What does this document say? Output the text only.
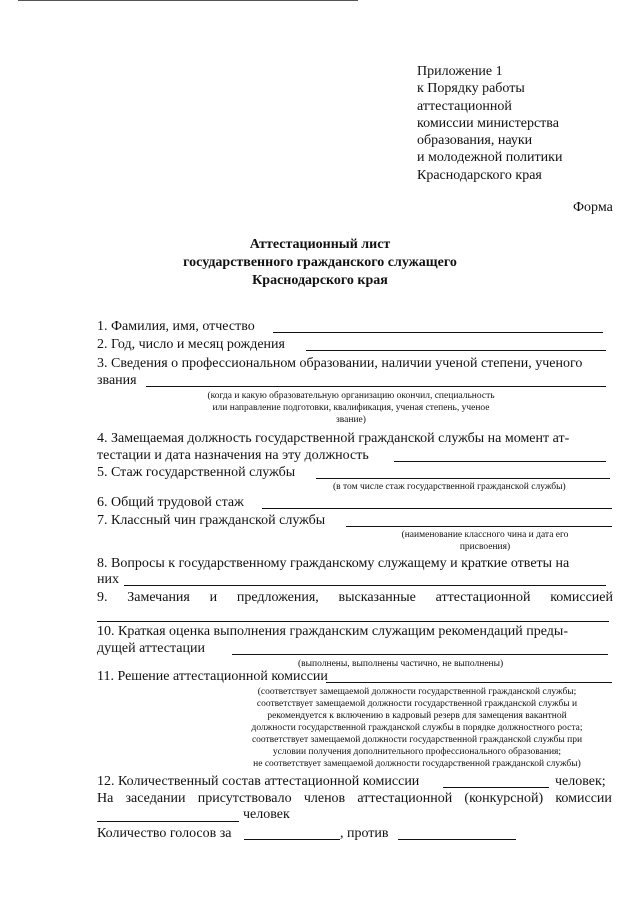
Приложение 1
к Порядку работы
аттестационной
комиссии министерства
образования, науки
и молодежной политики
Краснодарского края
Форма
Аттестационный лист
государственного гражданского служащего
Краснодарского края
1. Фамилия, имя, отчество
2. Год, число и месяц рождения
3. Сведения о профессиональном образовании, наличии ученой степени, ученого
звания
(когда и какую образовательную организацию окончил, специальность
или направление подготовки, квалификация, ученая степень, ученое
звание)
4. Замещаемая должность государственной гражданской службы на момент ат-
тестации и дата назначения на эту должность
5. Стаж государственной службы
(в том числе стаж государственной гражданской службы)
6. Общий трудовой стаж
7. Классный чин гражданской службы
(наименование классного чина и дата его
присвоения)
8. Вопросы к государственному гражданскому служащему и краткие ответы на
них
9. Замечания и предложения, высказанные аттестационной комиссией
10. Краткая оценка выполнения гражданским служащим рекомендаций преды-
дущей аттестации
(выполнены, выполнены частично, не выполнены)
11. Решение аттестационной комиссии
(соответствует замещаемой должности государственной гражданской службы;
соответствует замещаемой должности государственной гражданской службы и
рекомендуется к включению в кадровый резерв для замещения вакантной
должности государственной гражданской службы в порядке должностного роста;
соответствует замещаемой должности государственной гражданской службы при
условии получения дополнительного профессионального образования;
не соответствует замещаемой должности государственной гражданской службы)
12. Количественный состав аттестационной комиссии	человек;
На заседании присутствовало членов аттестационной (конкурсной) комиссии
человек
Количество голосов за	, против
